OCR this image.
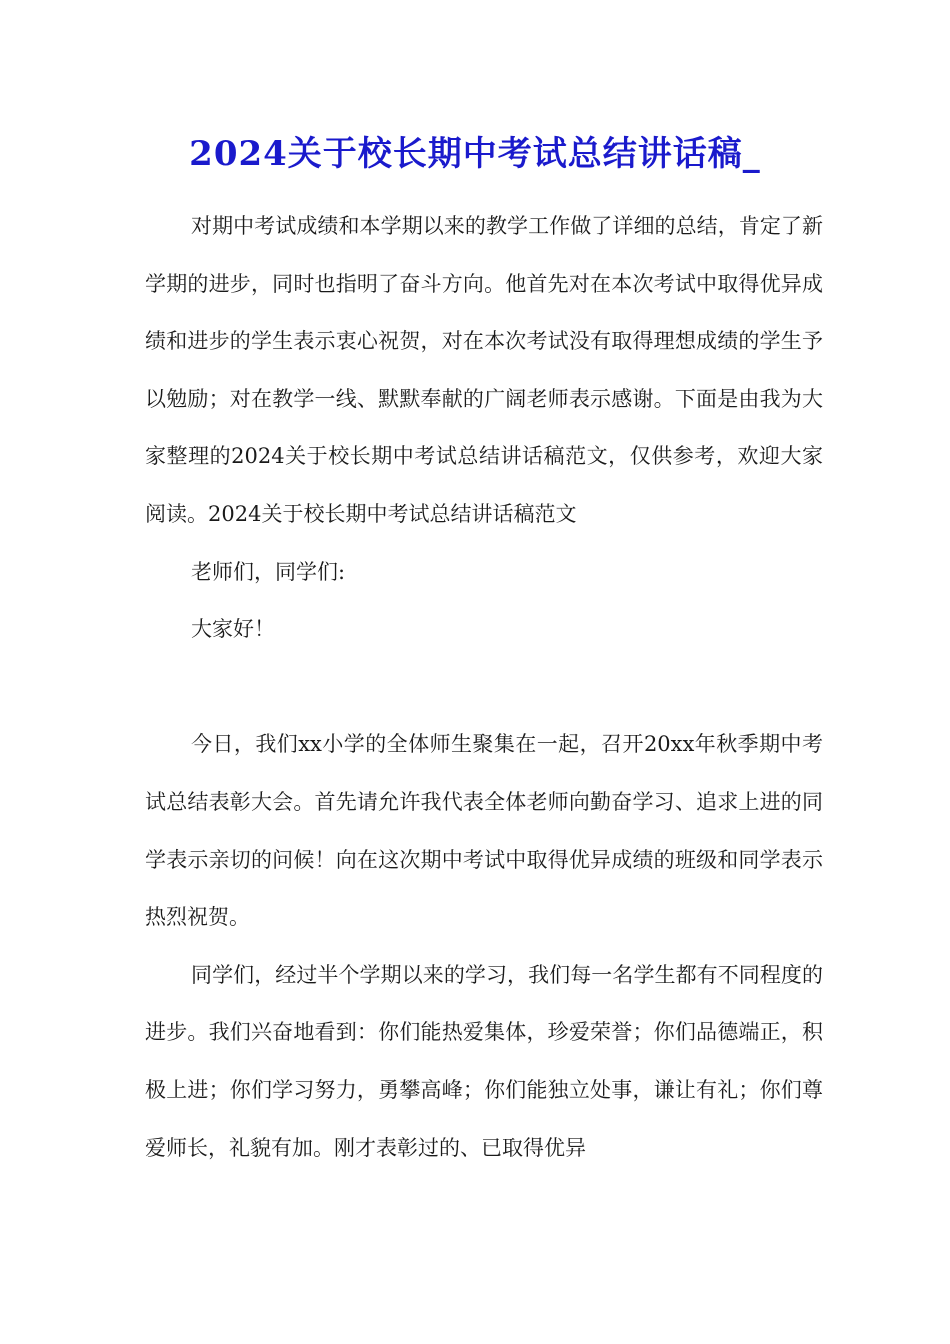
2024关于校长期中考试总结讲话稿_

对期中考试成绩和本学期以来的教学工作做了详细的总结，肯定了新学期的进步，同时也指明了奋斗方向。他首先对在本次考试中取得优异成绩和进步的学生表示衷心祝贺，对在本次考试没有取得理想成绩的学生予以勉励；对在教学一线、默默奉献的广阔老师表示感谢。下面是由我为大家整理的2024关于校长期中考试总结讲话稿范文，仅供参考，欢迎大家阅读。2024关于校长期中考试总结讲话稿范文

老师们，同学们:

大家好！

今日，我们xx小学的全体师生聚集在一起，召开20xx年秋季期中考试总结表彰大会。首先请允许我代表全体老师向勤奋学习、追求上进的同学表示亲切的问候！向在这次期中考试中取得优异成绩的班级和同学表示热烈祝贺。

同学们，经过半个学期以来的学习，我们每一名学生都有不同程度的进步。我们兴奋地看到：你们能热爱集体，珍爱荣誉；你们品德端正，积极上进；你们学习努力，勇攀高峰；你们能独立处事，谦让有礼；你们尊爱师长，礼貌有加。刚才表彰过的、已取得优异
